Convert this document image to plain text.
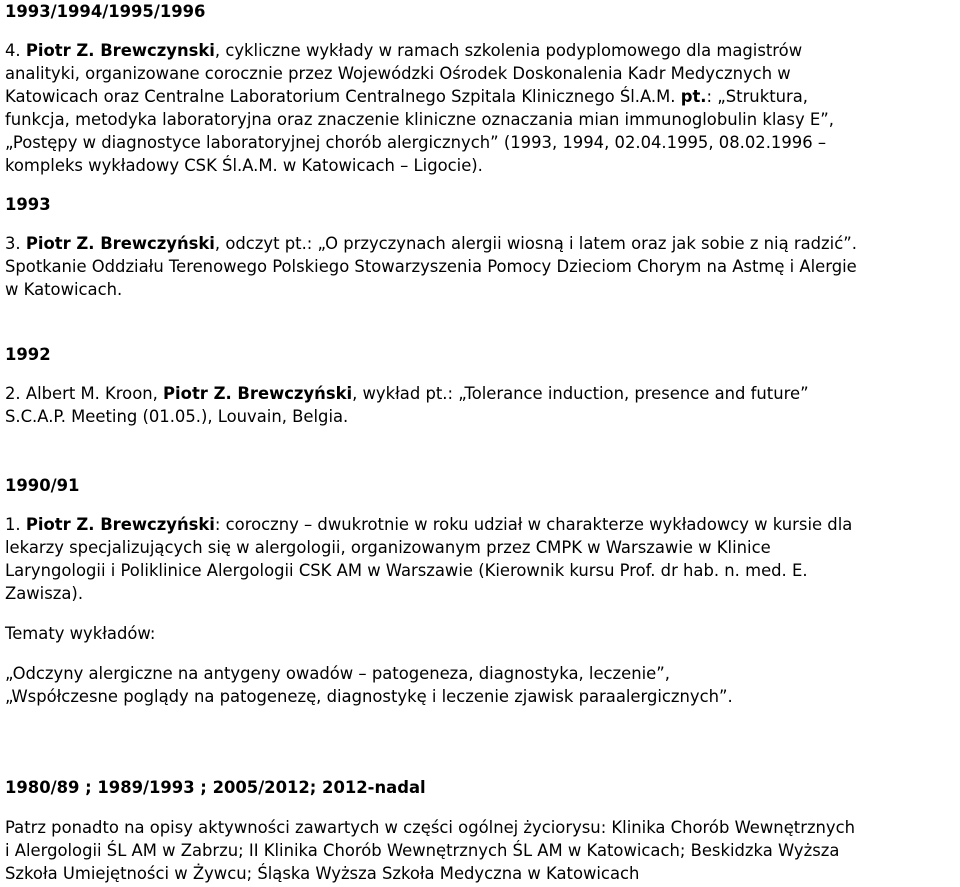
1993/1994/1995/1996
4. Piotr Z. Brewczynski, cykliczne wykłady w ramach szkolenia podyplomowego dla magistrów
analityki, organizowane corocznie przez Wojewódzki Ośrodek Doskonalenia Kadr Medycznych w
Katowicach oraz Centralne Laboratorium Centralnego Szpitala Klinicznego Śl.A.M. pt.: „Struktura,
funkcja, metodyka laboratoryjna oraz znaczenie kliniczne oznaczania mian immunoglobulin klasy E”,
„Postępy w diagnostyce laboratoryjnej chorób alergicznych” (1993, 1994, 02.04.1995, 08.02.1996 –
kompleks wykładowy CSK Śl.A.M. w Katowicach – Ligocie).
1993
3. Piotr Z. Brewczyński, odczyt pt.: „O przyczynach alergii wiosną i latem oraz jak sobie z nią radzić”.
Spotkanie Oddziału Terenowego Polskiego Stowarzyszenia Pomocy Dzieciom Chorym na Astmę i Alergie
w Katowicach.
1992
2. Albert M. Kroon, Piotr Z. Brewczyński, wykład pt.: „Tolerance induction, presence and future”
S.C.A.P. Meeting (01.05.), Louvain, Belgia.
1990/91
1. Piotr Z. Brewczyński: coroczny – dwukrotnie w roku udział w charakterze wykładowcy w kursie dla
lekarzy specjalizujących się w alergologii, organizowanym przez CMPK w Warszawie w Klinice
Laryngologii i Poliklinice Alergologii CSK AM w Warszawie (Kierownik kursu Prof. dr hab. n. med. E.
Zawisza).
Tematy wykładów:
„Odczyny alergiczne na antygeny owadów – patogeneza, diagnostyka, leczenie”,
„Współczesne poglądy na patogenezę, diagnostykę i leczenie zjawisk paraalergicznych”.
1980/89 ; 1989/1993 ; 2005/2012; 2012-nadal
Patrz ponadto na opisy aktywności zawartych w części ogólnej życiorysu: Klinika Chorób Wewnętrznych
i Alergologii ŚL AM w Zabrzu; II Klinika Chorób Wewnętrznych ŚL AM w Katowicach; Beskidzka Wyższa
Szkoła Umiejętności w Żywcu; Śląska Wyższa Szkoła Medyczna w Katowicach
